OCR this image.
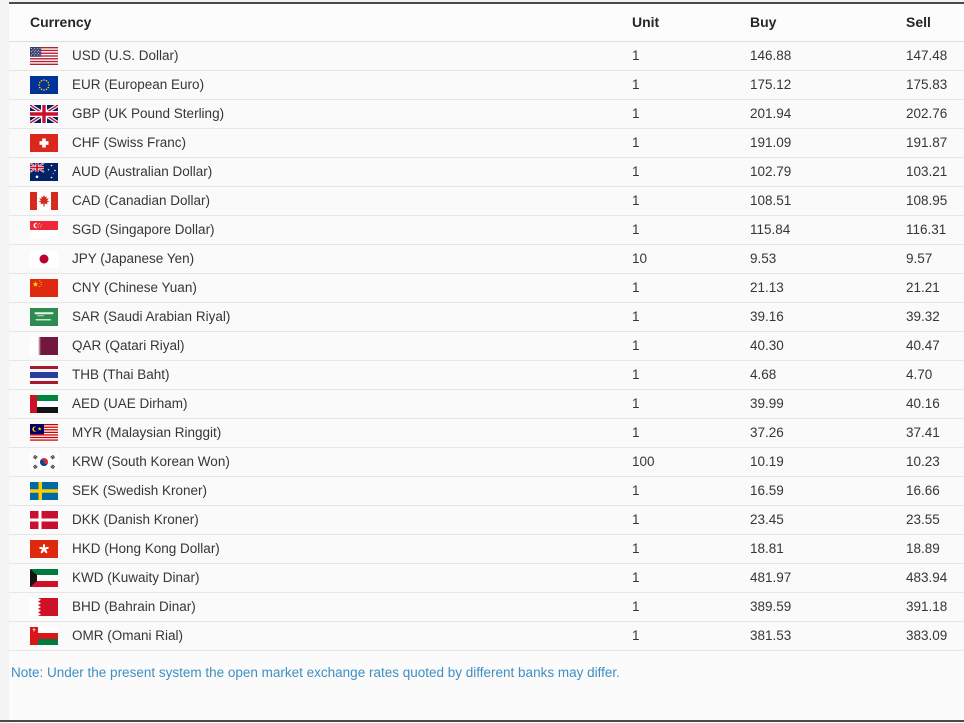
Currency		Unit	Buy	Sell

	USD (U.S. Dollar)	1	146.88	147.48

	EUR (European Euro)	1	175.12	175.83

	GBP (UK Pound Sterling)	1	201.94	202.76

	CHF (Swiss Franc)	1	191.09	191.87

	AUD (Australian Dollar)	1	102.79	103.21

	CAD (Canadian Dollar)	1	108.51	108.95

	SGD (Singapore Dollar)	1	115.84	116.31

	JPY (Japanese Yen)	10	9.53	9.57

	CNY (Chinese Yuan)	1	21.13	21.21

	SAR (Saudi Arabian Riyal)	1	39.16	39.32

	QAR (Qatari Riyal)	1	40.30	40.47

	THB (Thai Baht)	1	4.68	4.70

	AED (UAE Dirham)	1	39.99	40.16

	MYR (Malaysian Ringgit)	1	37.26	37.41

	KRW (South Korean Won)	100	10.19	10.23

	SEK (Swedish Kroner)	1	16.59	16.66

	DKK (Danish Kroner)	1	23.45	23.55

	HKD (Hong Kong Dollar)	1	18.81	18.89

	KWD (Kuwaity Dinar)	1	481.97	483.94

	BHD (Bahrain Dinar)	1	389.59	391.18

	OMR (Omani Rial)	1	381.53	383.09
Note: Under the present system the open market exchange rates quoted by different banks may differ.
